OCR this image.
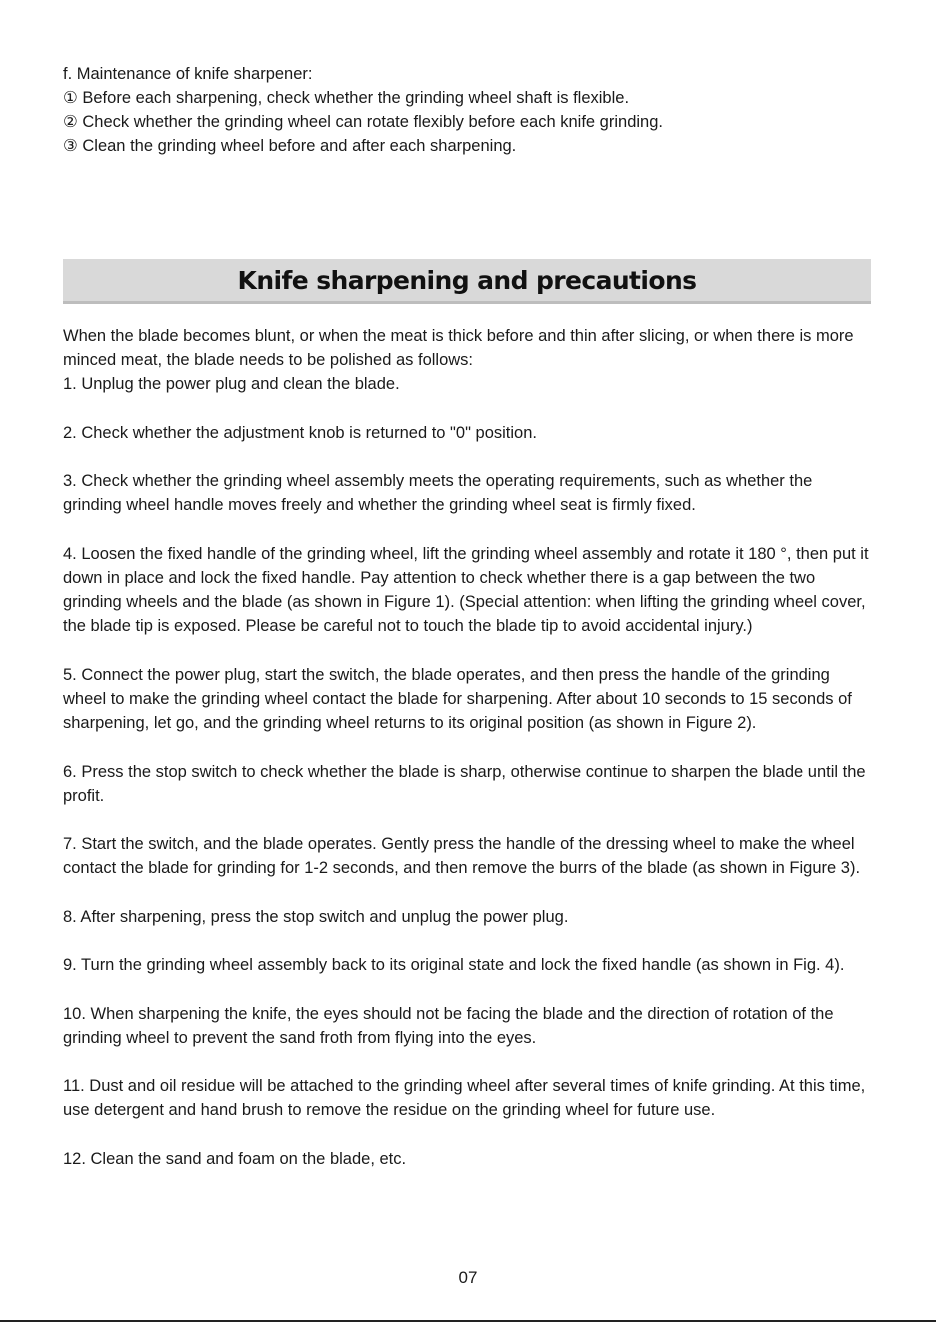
f. Maintenance of knife sharpener:
① Before each sharpening, check whether the grinding wheel shaft is flexible.
② Check whether the grinding wheel can rotate flexibly before each knife grinding.
③ Clean the grinding wheel before and after each sharpening.
Knife sharpening and precautions

When the blade becomes blunt, or when the meat is thick before and thin after slicing, or when there is more minced meat, the blade needs to be polished as follows:

1. Unplug the power plug and clean the blade.

2. Check whether the adjustment knob is returned to "0" position.

3. Check whether the grinding wheel assembly meets the operating requirements, such as whether the grinding wheel handle moves freely and whether the grinding wheel seat is firmly fixed.

4. Loosen the fixed handle of the grinding wheel, lift the grinding wheel assembly and rotate it 180 °, then put it down in place and lock the fixed handle. Pay attention to check whether there is a gap between the two grinding wheels and the blade (as shown in Figure 1). (Special attention: when lifting the grinding wheel cover, the blade tip is exposed. Please be careful not to touch the blade tip to avoid accidental injury.)

5. Connect the power plug, start the switch, the blade operates, and then press the handle of the grinding wheel to make the grinding wheel contact the blade for sharpening. After about 10 seconds to 15 seconds of sharpening, let go, and the grinding wheel returns to its original position (as shown in Figure 2).

6. Press the stop switch to check whether the blade is sharp, otherwise continue to sharpen the blade until the profit.

7. Start the switch, and the blade operates. Gently press the handle of the dressing wheel to make the wheel contact the blade for grinding for 1-2 seconds, and then remove the burrs of the blade (as shown in Figure 3).

8. After sharpening, press the stop switch and unplug the power plug.

9. Turn the grinding wheel assembly back to its original state and lock the fixed handle (as shown in Fig. 4).

10. When sharpening the knife, the eyes should not be facing the blade and the direction of rotation of the grinding wheel to prevent the sand froth from flying into the eyes.

11. Dust and oil residue will be attached to the grinding wheel after several times of knife grinding. At this time, use detergent and hand brush to remove the residue on the grinding wheel for future use.

12. Clean the sand and foam on the blade, etc.

07
